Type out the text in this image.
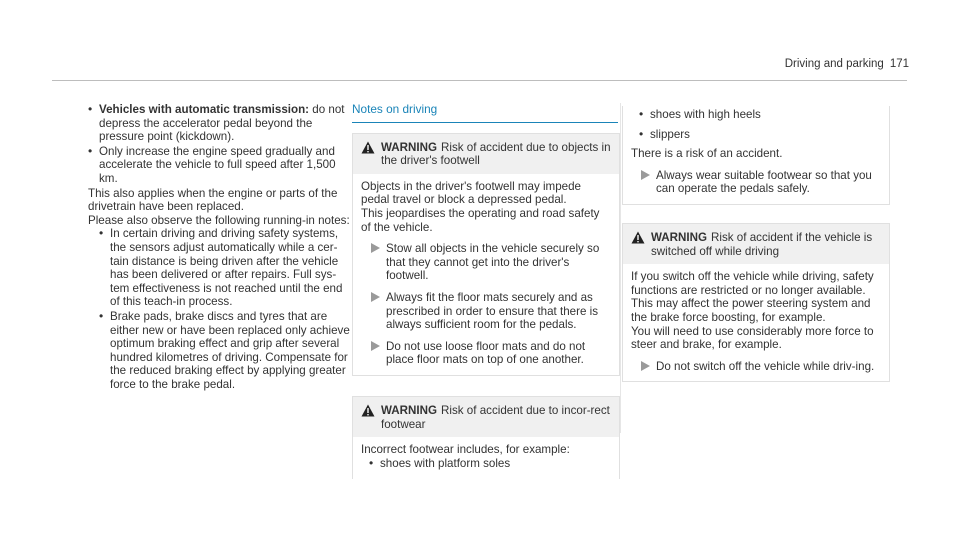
Driving and parking 171
• Vehicles with automatic transmission: do not depress the accelerator pedal beyond the pressure point (kickdown).
• Only increase the engine speed gradually and accelerate the vehicle to full speed after 1,500 km.

This also applies when the engine or parts of the drivetrain have been replaced.

Please also observe the following running-in notes:

• In certain driving and driving safety systems, the sensors adjust automatically while a cer-tain distance is being driven after the vehicle has been delivered or after repairs. Full sys-tem effectiveness is not reached until the end of this teach-in process.
• Brake pads, brake discs and tyres that are either new or have been replaced only achieve optimum braking effect and grip after several hundred kilometres of driving. Compensate for the reduced braking effect by applying greater force to the brake pedal.
Notes on driving
WARNING Risk of accident due to objects in the driver's footwell

Objects in the driver's footwell may impede pedal travel or block a depressed pedal.

This jeopardises the operating and road safety of the vehicle.

Stow all objects in the vehicle securely so that they cannot get into the driver's footwell.
Always fit the floor mats securely and as prescribed in order to ensure that there is always sufficient room for the pedals.
Do not use loose floor mats and do not place floor mats on top of one another.
WARNING Risk of accident due to incor-rect footwear

Incorrect footwear includes, for example:

• shoes with platform soles
• shoes with high heels
• slippers

There is a risk of an accident.

Always wear suitable footwear so that you can operate the pedals safely.
WARNING Risk of accident if the vehicle is switched off while driving

If you switch off the vehicle while driving, safety functions are restricted or no longer available.

This may affect the power steering system and the brake force boosting, for example.

You will need to use considerably more force to steer and brake, for example.

Do not switch off the vehicle while driv-ing.
